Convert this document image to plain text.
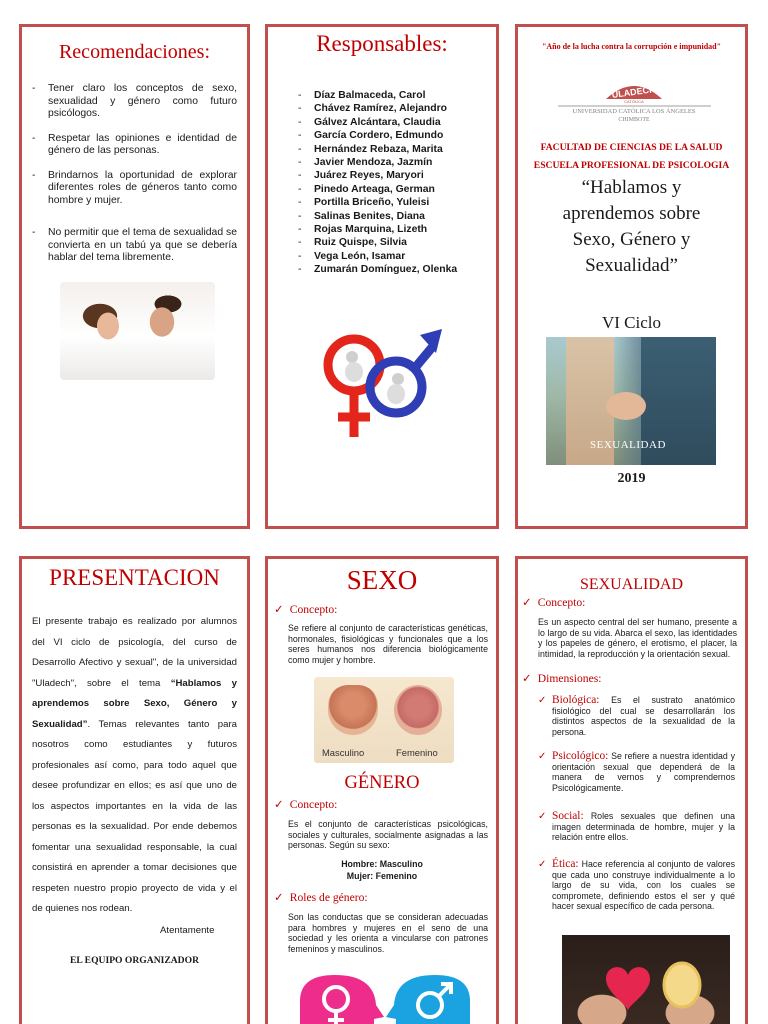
Recomendaciones:
- Tener claro los conceptos de sexo, sexualidad y género como futuro psicólogos.
- Respetar las opiniones e identidad de género de las personas.
- Brindarnos la oportunidad de explorar diferentes roles de géneros tanto como hombre y mujer.
- No permitir que el tema de sexualidad se convierta en un tabú ya que se debería hablar del tema libremente.
Responsables:
- Díaz Balmaceda, Carol
- Chávez Ramírez, Alejandro
- Gálvez Alcántara, Claudia
- García Cordero, Edmundo
- Hernández Rebaza, Marita
- Javier Mendoza, Jazmín
- Juárez Reyes, Maryori
- Pinedo Arteaga, German
- Portilla Briceño, Yuleisi
- Salinas Benites, Diana
- Rojas Marquina, Lizeth
- Ruiz Quispe, Silvia
- Vega León, Isamar
- Zumarán Domínguez, Olenka
"Año de la lucha contra la corrupción e impunidad"
ULADECH
CATÓLICA
UNIVERSIDAD CATÓLICA LOS ÁNGELES
CHIMBOTE
FACULTAD DE CIENCIAS DE LA SALUD
ESCUELA PROFESIONAL DE PSICOLOGIA
“Hablamos y
aprendemos sobre
Sexo, Género y
Sexualidad”
VI Ciclo
SEXUALIDAD
2019
PRESENTACION
El presente trabajo es realizado por alumnos del VI ciclo de psicología, del curso de Desarrollo Afectivo y sexual", de la universidad "Uladech", sobre el tema “Hablamos y aprendemos sobre Sexo, Género y Sexualidad”. Temas relevantes tanto para nosotros como estudiantes y futuros profesionales así como, para todo aquel que desee profundizar en ellos; es así que uno de los aspectos importantes en la vida de las personas es la sexualidad. Por ende debemos fomentar una sexualidad responsable, la cual consistirá en aprender a tomar decisiones que respeten nuestro propio proyecto de vida y el de quienes nos rodean.
Atentamente
EL EQUIPO ORGANIZADOR
SEXO
✓ Concepto:
Se refiere al conjunto de características genéticas, hormonales, fisiológicas y funcionales que a los seres humanos nos diferencia biológicamente como mujer y hombre.
Masculino	Femenino
GÉNERO
✓ Concepto:
Es el conjunto de características psicológicas, sociales y culturales, socialmente asignadas a las personas. Según su sexo:
Hombre: Masculino
Mujer: Femenino
✓ Roles de género:
Son las conductas que se consideran adecuadas para hombres y mujeres en el seno de una sociedad y les orienta a vincularse con patrones femeninos y masculinos.
SEXUALIDAD
✓ Concepto:
Es un aspecto central del ser humano, presente a lo largo de su vida. Abarca el sexo, las identidades y los papeles de género, el erotismo, el placer, la intimidad, la reproducción y la orientación sexual.
✓ Dimensiones:
✓ Biológica: Es el sustrato anatómico fisiológico del cual se desarrollarán los distintos aspectos de la sexualidad de la persona.

✓ Psicológico: Se refiere a nuestra identidad y orientación sexual que dependerá de la manera de vernos y comprendernos Psicológicamente.

✓ Social: Roles sexuales que definen una imagen determinada de hombre, mujer y la relación entre ellos.

✓ Ética: Hace referencia al conjunto de valores que cada uno construye individualmente a lo largo de su vida, con los cuales se compromete, definiendo estos el ser y qué hacer sexual específico de cada persona.
